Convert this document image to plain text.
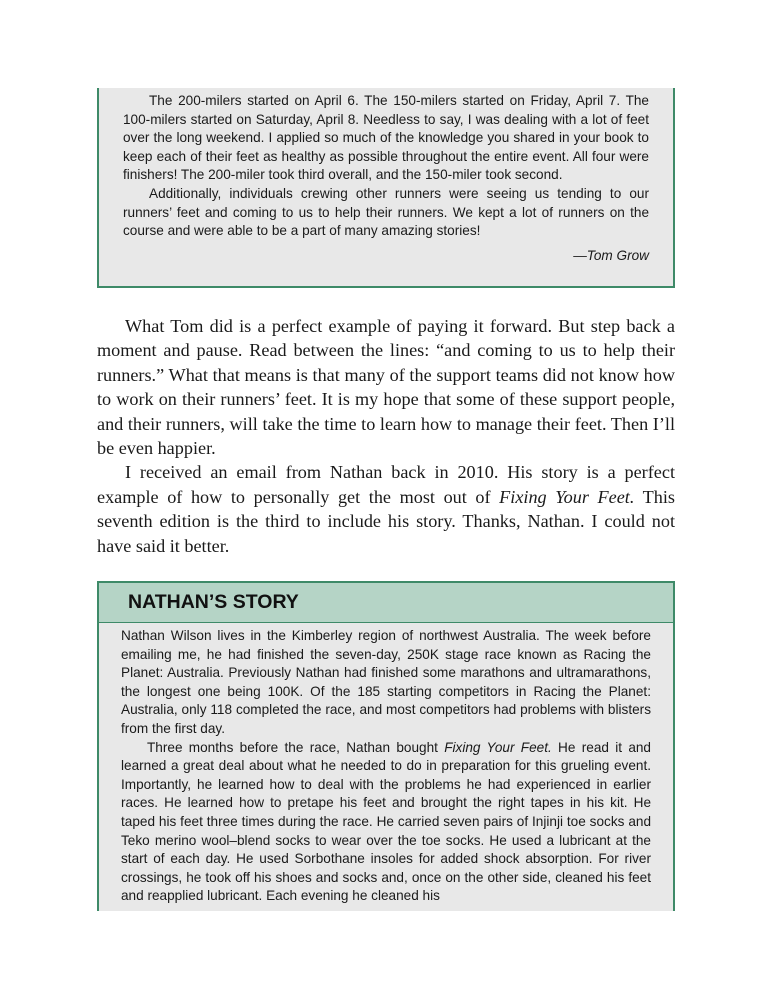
The 200-milers started on April 6. The 150-milers started on Friday, April 7. The 100-milers started on Saturday, April 8. Needless to say, I was dealing with a lot of feet over the long weekend. I applied so much of the knowledge you shared in your book to keep each of their feet as healthy as possible throughout the entire event. All four were finishers! The 200-miler took third overall, and the 150-miler took second.

Additionally, individuals crewing other runners were seeing us tending to our runners’ feet and coming to us to help their runners. We kept a lot of runners on the course and were able to be a part of many amazing stories!

—Tom Grow

What Tom did is a perfect example of paying it forward. But step back a moment and pause. Read between the lines: “and coming to us to help their runners.” What that means is that many of the support teams did not know how to work on their runners’ feet. It is my hope that some of these support people, and their runners, will take the time to learn how to manage their feet. Then I’ll be even happier.

I received an email from Nathan back in 2010. His story is a perfect example of how to personally get the most out of Fixing Your Feet. This seventh edition is the third to include his story. Thanks, Nathan. I could not have said it better.

NATHAN’S STORY

Nathan Wilson lives in the Kimberley region of northwest Australia. The week before emailing me, he had finished the seven-day, 250K stage race known as Racing the Planet: Australia. Previously Nathan had finished some marathons and ultramarathons, the longest one being 100K. Of the 185 starting competitors in Racing the Planet: Australia, only 118 completed the race, and most competitors had problems with blisters from the first day.

Three months before the race, Nathan bought Fixing Your Feet. He read it and learned a great deal about what he needed to do in preparation for this grueling event. Importantly, he learned how to deal with the problems he had experienced in earlier races. He learned how to pretape his feet and brought the right tapes in his kit. He taped his feet three times during the race. He carried seven pairs of Injinji toe socks and Teko merino wool–blend socks to wear over the toe socks. He used a lubricant at the start of each day. He used Sorbothane insoles for added shock absorption. For river crossings, he took off his shoes and socks and, once on the other side, cleaned his feet and reapplied lubricant. Each evening he cleaned his
